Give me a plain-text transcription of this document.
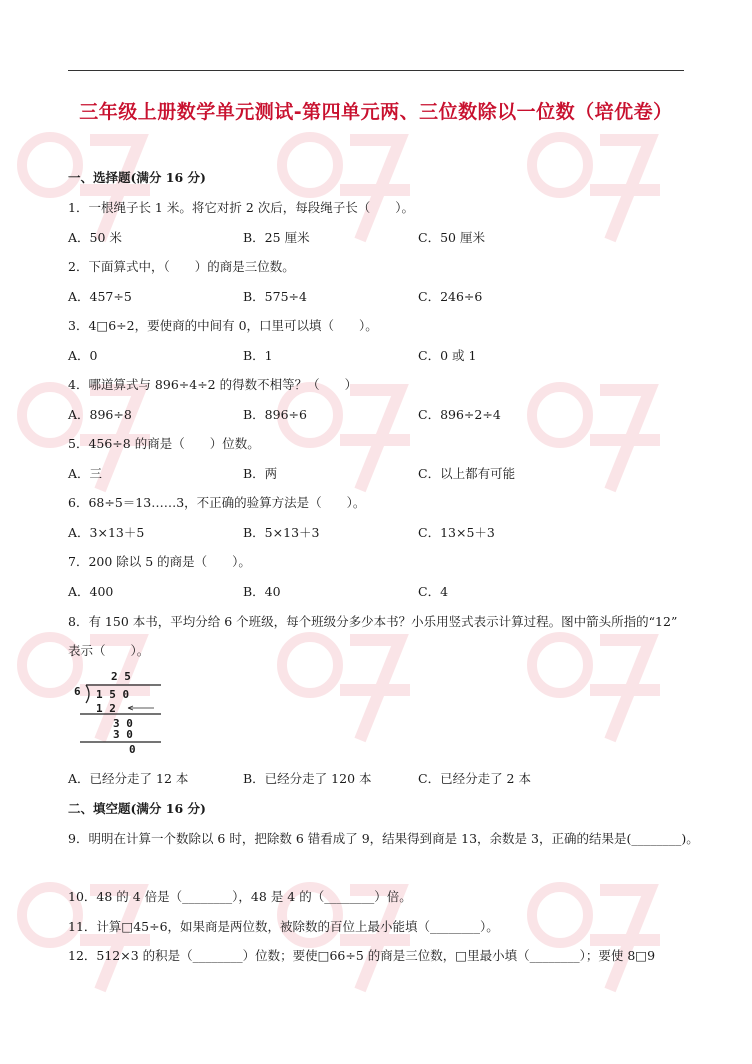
三年级上册数学单元测试-第四单元两、三位数除以一位数（培优卷）
一、选择题(满分 16 分)
1．一根绳子长 1 米。将它对折 2 次后，每段绳子长（　　）。
A．50 米	B．25 厘米	C．50 厘米
2．下面算式中，（　　）的商是三位数。
A．457÷5	B．575÷4	C．246÷6
3．4□6÷2，要使商的中间有 0，口里可以填（　　）。
A．0	B．1	C．0 或 1
4．哪道算式与 896÷4÷2 的得数不相等？（　　）
A．896÷8	B．896÷6	C．896÷2÷4
5．456÷8 的商是（　　）位数。
A．三	B．两	C．以上都有可能
6．68÷5＝13……3，不正确的验算方法是（　　）。
A．3×13＋5	B．5×13＋3	C．13×5＋3
7．200 除以 5 的商是（　　）。
A．400	B．40	C．4
8．有 150 本书，平均分给 6 个班级，每个班级分多少本书？小乐用竖式表示计算过程。图中箭头所指的“12”
表示（　　）。
2 5
6 1 5 0
1 2
3 0
3 0
0
A．已经分走了 12 本	B．已经分走了 120 本	C．已经分走了 2 本
二、填空题(满分 16 分)
9．明明在计算一个数除以 6 时，把除数 6 错看成了 9，结果得到商是 13，余数是 3，正确的结果是(________)。
10．48 的 4 倍是（________），48 是 4 的（________）倍。
11．计算□45÷6，如果商是两位数，被除数的百位上最小能填（________）。
12．512×3 的积是（________）位数；要使□66÷5 的商是三位数，□里最小填（________）；要使 8□9
